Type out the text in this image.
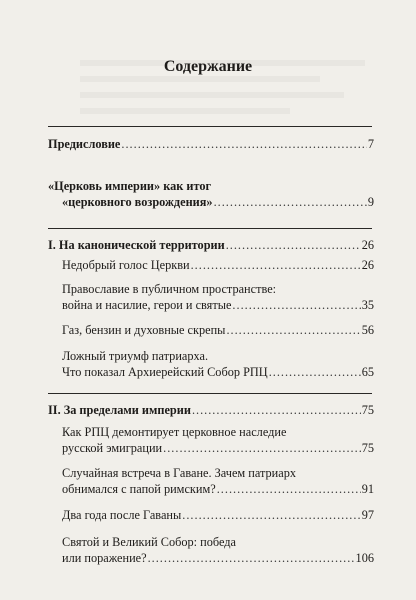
Содержание
Предисловие .....	7
«Церковь империи» как итог
«церковного возрождения» .....	9
I. На канонической территории .....	26
Недобрый голос Церкви .....	26
Православие в публичном пространстве:
война и насилие, герои и святые .....	35
Газ, бензин и духовные скрепы .....	56
Ложный триумф патриарха.
Что показал Архиерейский Собор РПЦ .....	65
II. За пределами империи .....	75
Как РПЦ демонтирует церковное наследие
русской эмиграции .....	75
Случайная встреча в Гаване. Зачем патриарх
обнимался с папой римским? .....	91
Два года после Гаваны .....	97
Святой и Великий Собор: победа
или поражение? .....	106
